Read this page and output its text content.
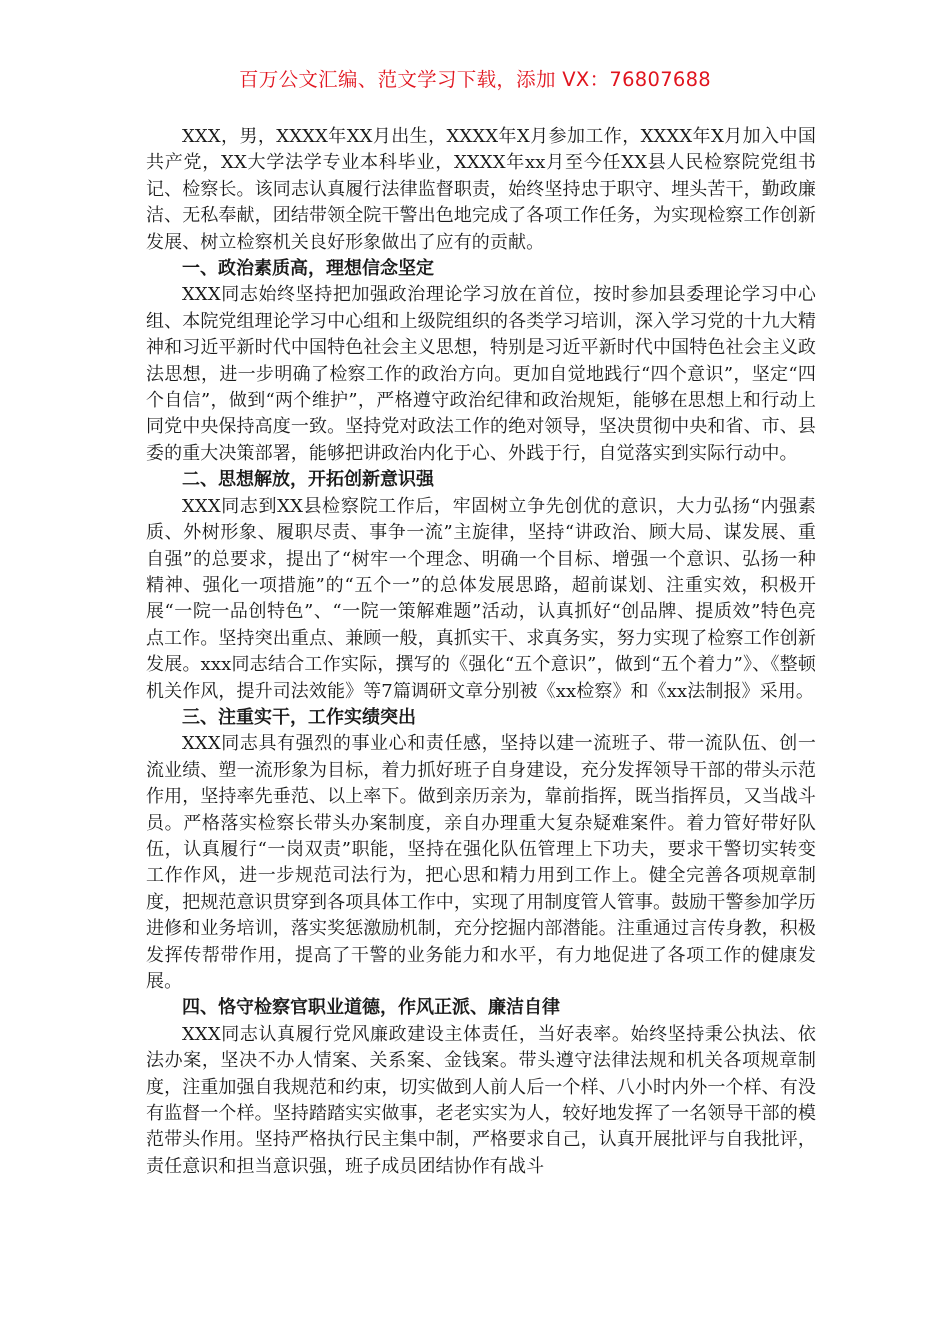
百万公文汇编、范文学习下载，添加 VX：76807688

XXX，男，XXXX年XX月出生，XXXX年X月参加工作，XXXX年X月加入中国共产党，XX大学法学专业本科毕业，XXXX年xx月至今任XX县人民检察院党组书记、检察长。该同志认真履行法律监督职责，始终坚持忠于职守、埋头苦干，勤政廉洁、无私奉献，团结带领全院干警出色地完成了各项工作任务，为实现检察工作创新发展、树立检察机关良好形象做出了应有的贡献。

一、政治素质高，理想信念坚定

XXX同志始终坚持把加强政治理论学习放在首位，按时参加县委理论学习中心组、本院党组理论学习中心组和上级院组织的各类学习培训，深入学习党的十九大精神和习近平新时代中国特色社会主义思想，特别是习近平新时代中国特色社会主义政法思想，进一步明确了检察工作的政治方向。更加自觉地践行“四个意识”，坚定“四个自信”，做到“两个维护”，严格遵守政治纪律和政治规矩，能够在思想上和行动上同党中央保持高度一致。坚持党对政法工作的绝对领导，坚决贯彻中央和省、市、县委的重大决策部署，能够把讲政治内化于心、外践于行，自觉落实到实际行动中。

二、思想解放，开拓创新意识强

XXX同志到XX县检察院工作后，牢固树立争先创优的意识，大力弘扬“内强素质、外树形象、履职尽责、事争一流”主旋律，坚持“讲政治、顾大局、谋发展、重自强”的总要求，提出了“树牢一个理念、明确一个目标、增强一个意识、弘扬一种精神、强化一项措施”的“五个一”的总体发展思路，超前谋划、注重实效，积极开展“一院一品创特色”、“一院一策解难题”活动，认真抓好“创品牌、提质效”特色亮点工作。坚持突出重点、兼顾一般，真抓实干、求真务实，努力实现了检察工作创新发展。xxx同志结合工作实际，撰写的《强化“五个意识”，做到“五个着力”》、《整顿机关作风，提升司法效能》等7篇调研文章分别被《xx检察》和《xx法制报》采用。

三、注重实干，工作实绩突出

XXX同志具有强烈的事业心和责任感，坚持以建一流班子、带一流队伍、创一流业绩、塑一流形象为目标，着力抓好班子自身建设，充分发挥领导干部的带头示范作用，坚持率先垂范、以上率下。做到亲历亲为，靠前指挥，既当指挥员，又当战斗员。严格落实检察长带头办案制度，亲自办理重大复杂疑难案件。着力管好带好队伍，认真履行“一岗双责”职能，坚持在强化队伍管理上下功夫，要求干警切实转变工作作风，进一步规范司法行为，把心思和精力用到工作上。健全完善各项规章制度，把规范意识贯穿到各项具体工作中，实现了用制度管人管事。鼓励干警参加学历进修和业务培训，落实奖惩激励机制，充分挖掘内部潜能。注重通过言传身教，积极发挥传帮带作用，提高了干警的业务能力和水平，有力地促进了各项工作的健康发展。

四、恪守检察官职业道德，作风正派、廉洁自律

XXX同志认真履行党风廉政建设主体责任，当好表率。始终坚持秉公执法、依法办案，坚决不办人情案、关系案、金钱案。带头遵守法律法规和机关各项规章制度，注重加强自我规范和约束，切实做到人前人后一个样、八小时内外一个样、有没有监督一个样。坚持踏踏实实做事，老老实实为人，较好地发挥了一名领导干部的模范带头作用。坚持严格执行民主集中制，严格要求自己，认真开展批评与自我批评，责任意识和担当意识强，班子成员团结协作有战斗
